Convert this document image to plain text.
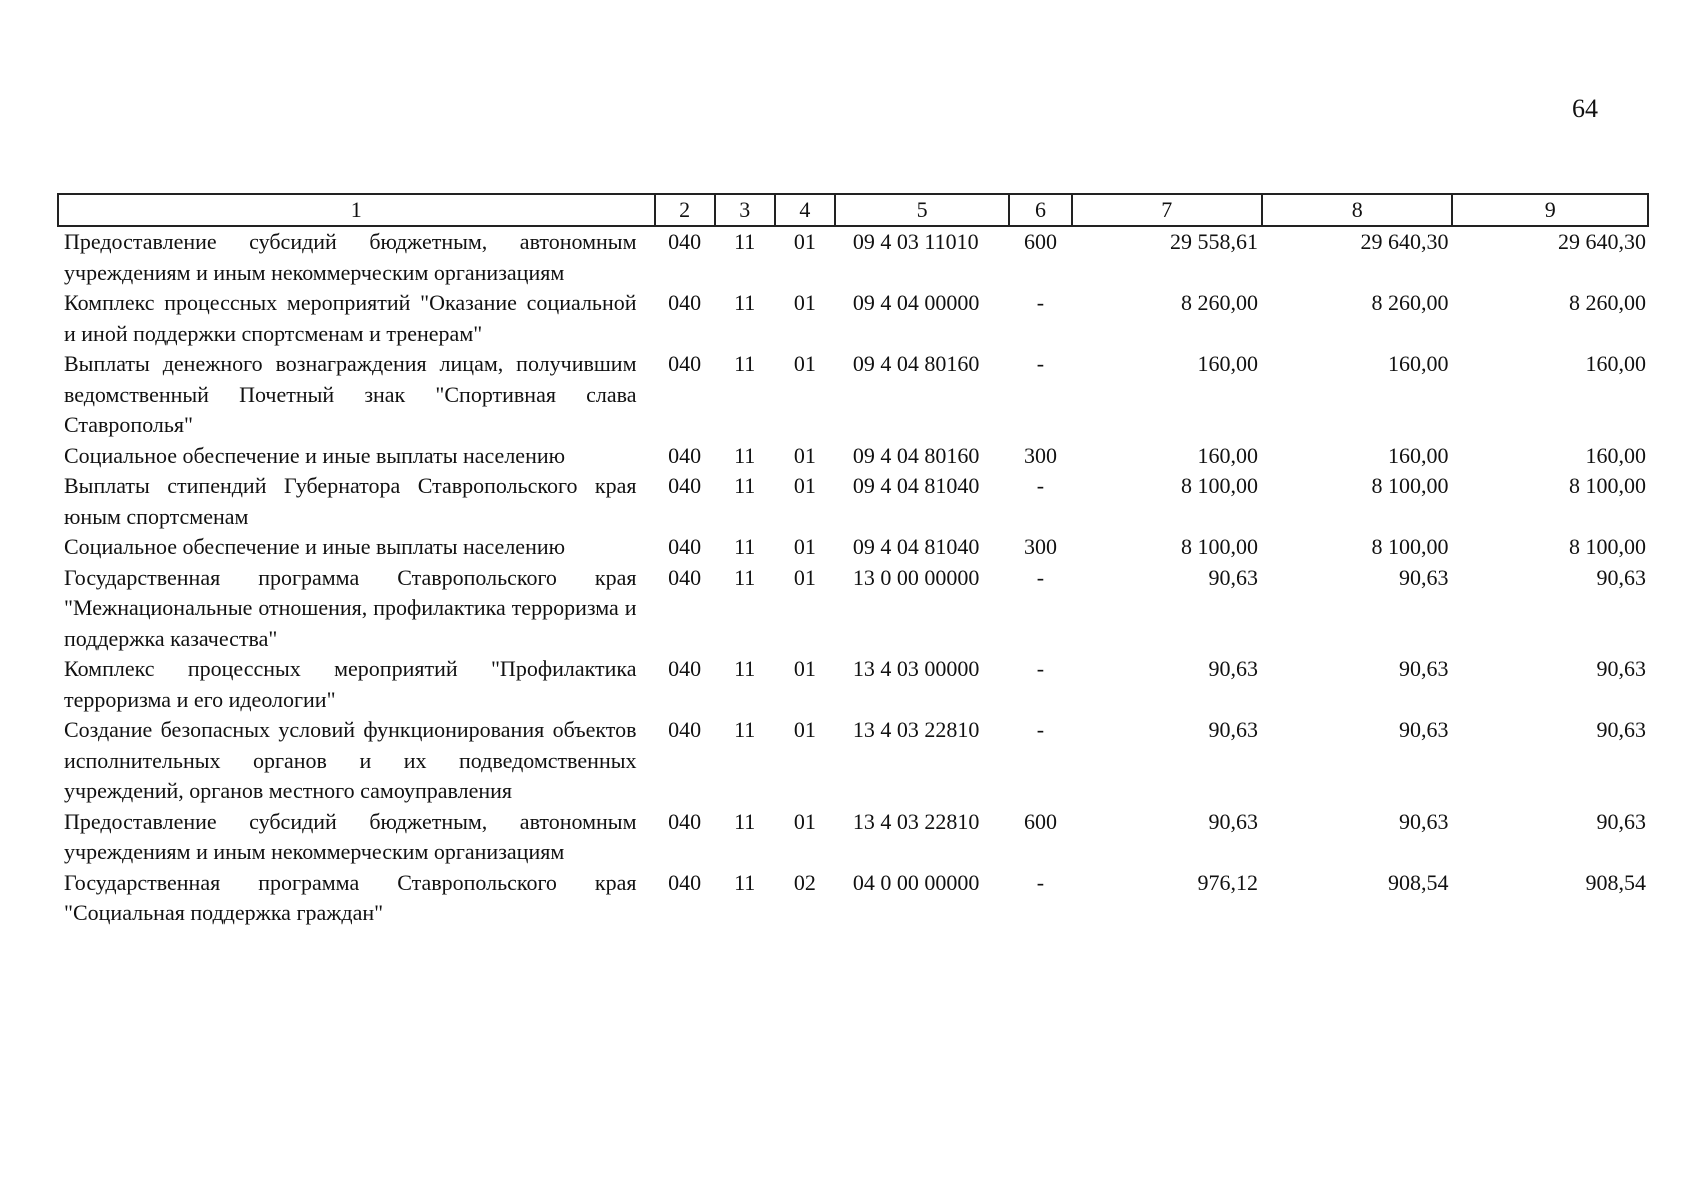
64
1	2	3	4	5	6	7	8	9
Предоставление субсидий бюджетным, автономным учреждениям и иным некоммерческим организациям	040	11	01	09 4 03 11010	600	29 558,61	29 640,30	29 640,30
Комплекс процессных мероприятий "Оказание социальной и иной поддержки спортсменам и тренерам"	040	11	01	09 4 04 00000	-	8 260,00	8 260,00	8 260,00
Выплаты денежного вознаграждения лицам, получившим ведомственный Почетный знак "Спортивная слава Ставрополья"	040	11	01	09 4 04 80160	-	160,00	160,00	160,00
Социальное обеспечение и иные выплаты населению	040	11	01	09 4 04 80160	300	160,00	160,00	160,00
Выплаты стипендий Губернатора Ставропольского края юным спортсменам	040	11	01	09 4 04 81040	-	8 100,00	8 100,00	8 100,00
Социальное обеспечение и иные выплаты населению	040	11	01	09 4 04 81040	300	8 100,00	8 100,00	8 100,00
Государственная программа Ставропольского края "Межнациональные отношения, профилактика терроризма и поддержка казачества"	040	11	01	13 0 00 00000	-	90,63	90,63	90,63
Комплекс процессных мероприятий "Профилактика терроризма и его идеологии"	040	11	01	13 4 03 00000	-	90,63	90,63	90,63
Создание безопасных условий функционирования объектов исполнительных органов и их подведомственных учреждений, органов местного самоуправления	040	11	01	13 4 03 22810	-	90,63	90,63	90,63
Предоставление субсидий бюджетным, автономным учреждениям и иным некоммерческим организациям	040	11	01	13 4 03 22810	600	90,63	90,63	90,63
Государственная программа Ставропольского края "Социальная поддержка граждан"	040	11	02	04 0 00 00000	-	976,12	908,54	908,54
